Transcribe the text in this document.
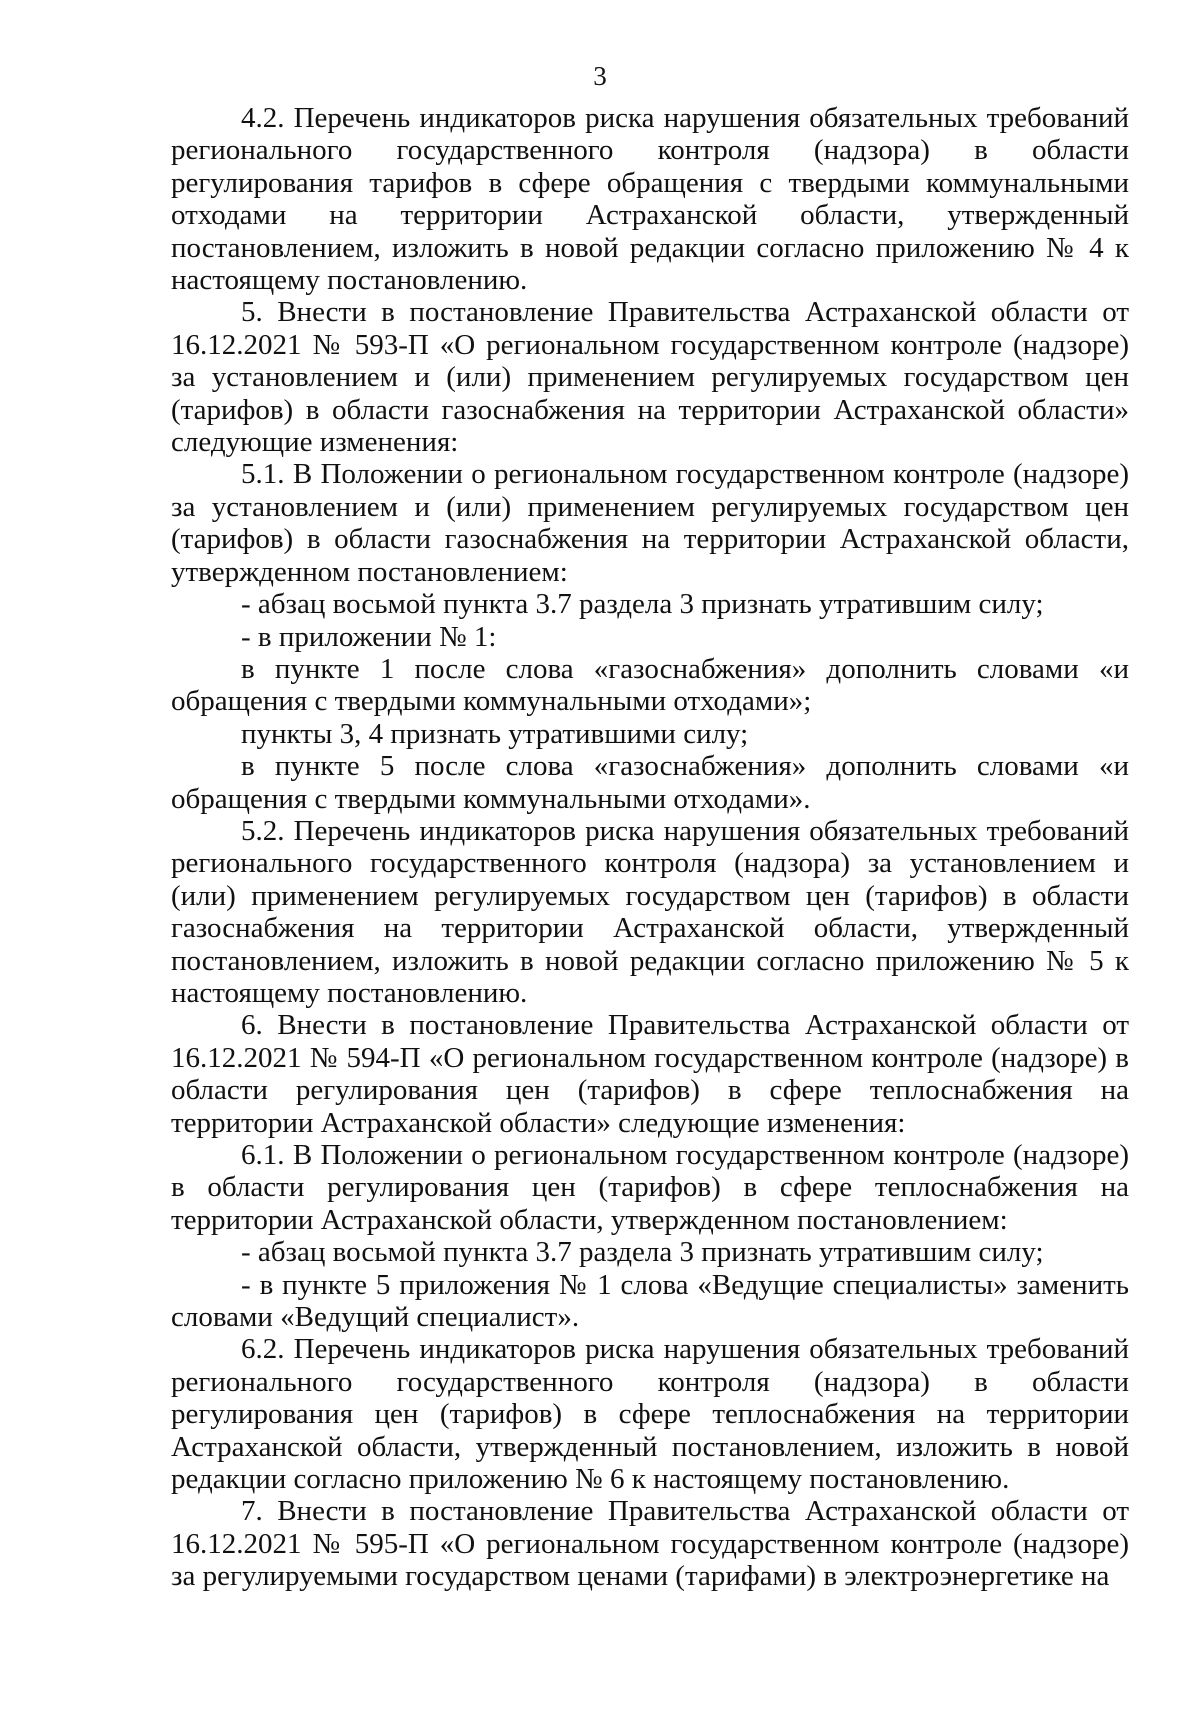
3

4.2. Перечень индикаторов риска нарушения обязательных требований регионального государственного контроля (надзора) в области регулирования тарифов в сфере обращения с твердыми коммунальными отходами на территории Астраханской области, утвержденный постановлением, изложить в новой редакции согласно приложению № 4 к настоящему постановлению.

5. Внести в постановление Правительства Астраханской области от 16.12.2021 № 593-П «О региональном государственном контроле (надзоре) за установлением и (или) применением регулируемых государством цен (тарифов) в области газоснабжения на территории Астраханской области» следующие изменения:

5.1. В Положении о региональном государственном контроле (надзоре) за установлением и (или) применением регулируемых государством цен (тарифов) в области газоснабжения на территории Астраханской области, утвержденном постановлением:

- абзац восьмой пункта 3.7 раздела 3 признать утратившим силу;

- в приложении № 1:

в пункте 1 после слова «газоснабжения» дополнить словами «и обращения с твердыми коммунальными отходами»;

пункты 3, 4 признать утратившими силу;

в пункте 5 после слова «газоснабжения» дополнить словами «и обращения с твердыми коммунальными отходами».

5.2. Перечень индикаторов риска нарушения обязательных требований регионального государственного контроля (надзора) за установлением и (или) применением регулируемых государством цен (тарифов) в области газоснабжения на территории Астраханской области, утвержденный постановлением, изложить в новой редакции согласно приложению № 5 к настоящему постановлению.

6. Внести в постановление Правительства Астраханской области от 16.12.2021 № 594-П «О региональном государственном контроле (надзоре) в области регулирования цен (тарифов) в сфере теплоснабжения на территории Астраханской области» следующие изменения:

6.1. В Положении о региональном государственном контроле (надзоре) в области регулирования цен (тарифов) в сфере теплоснабжения на территории Астраханской области, утвержденном постановлением:

- абзац восьмой пункта 3.7 раздела 3 признать утратившим силу;

- в пункте 5 приложения № 1 слова «Ведущие специалисты» заменить словами «Ведущий специалист».

6.2. Перечень индикаторов риска нарушения обязательных требований регионального государственного контроля (надзора) в области регулирования цен (тарифов) в сфере теплоснабжения на территории Астраханской области, утвержденный постановлением, изложить в новой редакции согласно приложению № 6 к настоящему постановлению.

7. Внести в постановление Правительства Астраханской области от 16.12.2021 № 595-П «О региональном государственном контроле (надзоре) за регулируемыми государством ценами (тарифами) в электроэнергетике на
